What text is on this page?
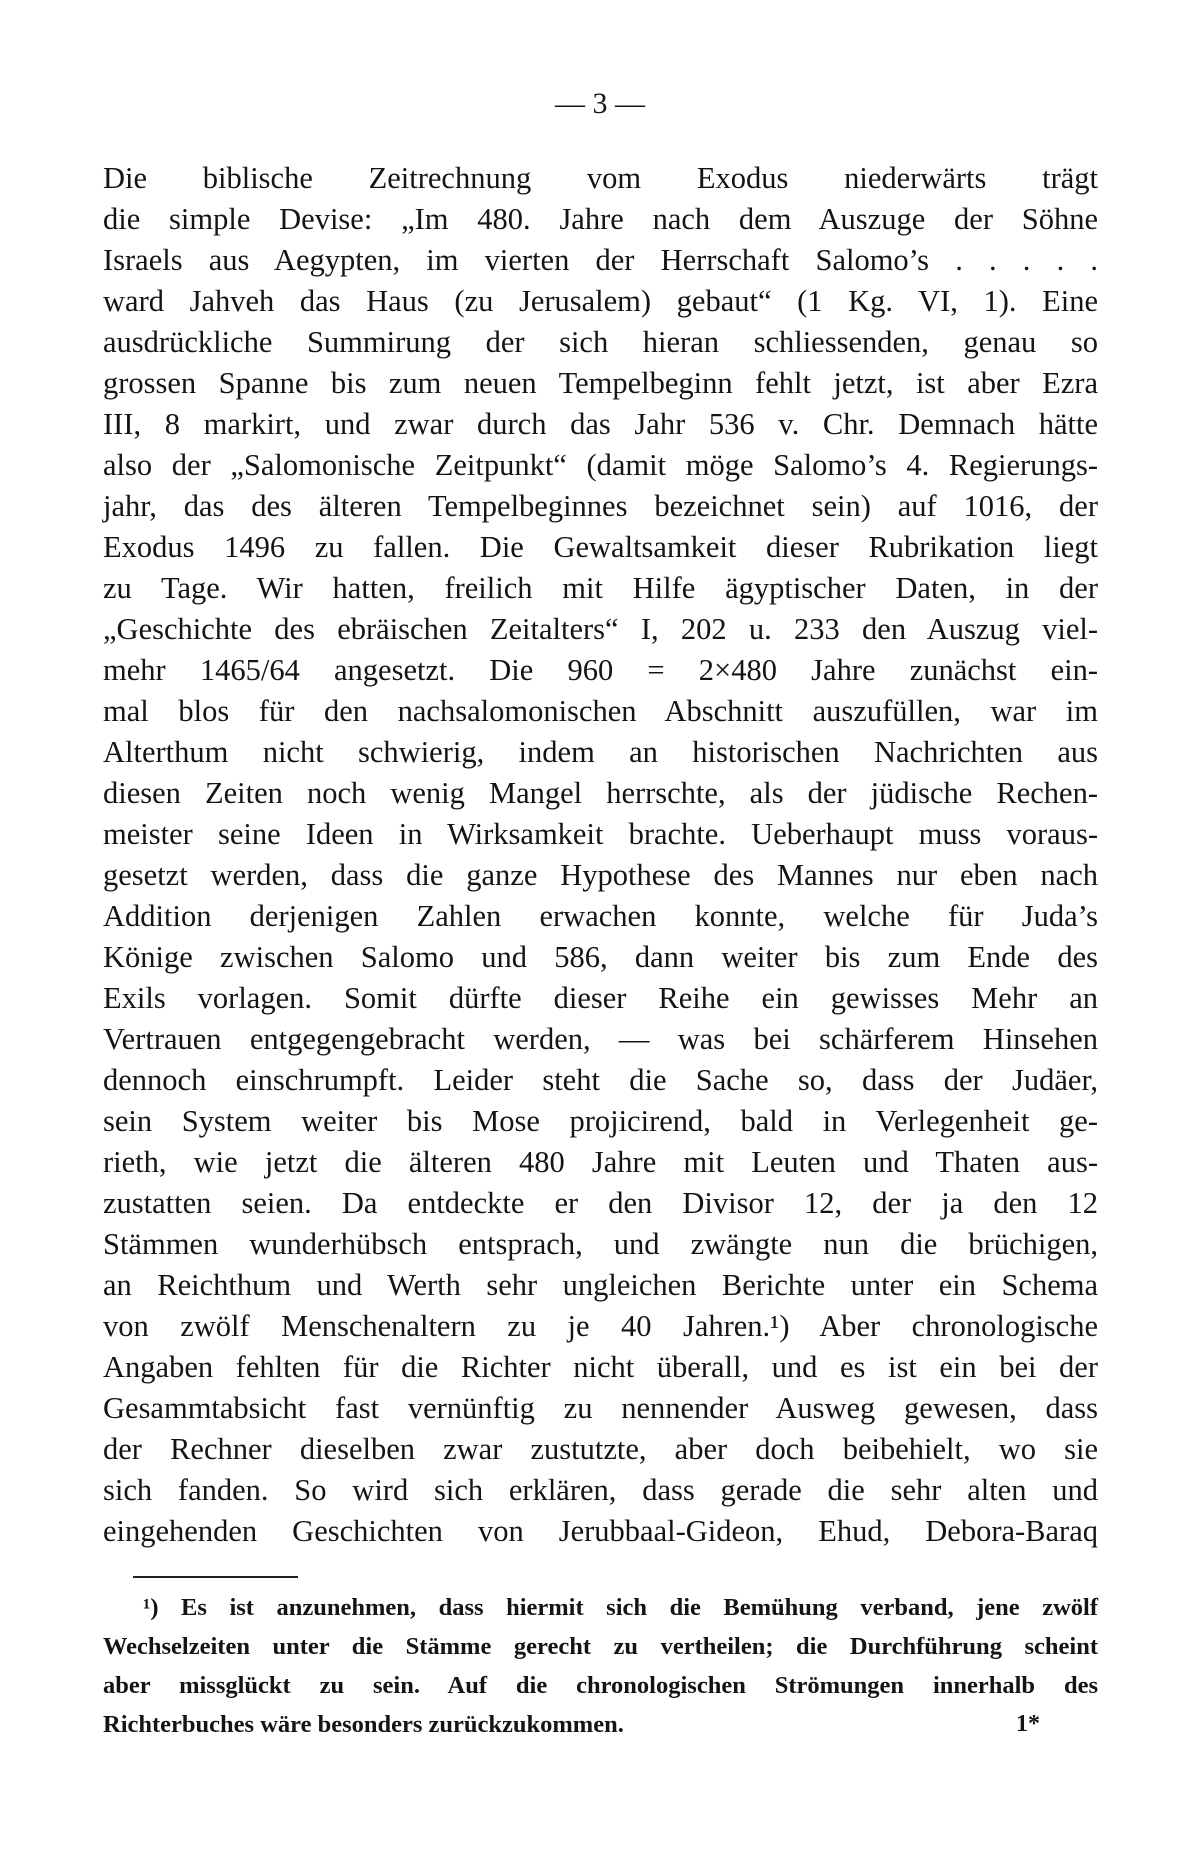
— 3 —
Die biblische Zeitrechnung vom Exodus niederwärts trägt
die simple Devise: „Im 480. Jahre nach dem Auszuge der Söhne
Israels aus Aegypten, im vierten der Herrschaft Salomo’s . . . . .
ward Jahveh das Haus (zu Jerusalem) gebaut“ (1 Kg. VI, 1). Eine
ausdrückliche Summirung der sich hieran schliessenden, genau so
grossen Spanne bis zum neuen Tempelbeginn fehlt jetzt, ist aber Ezra
III, 8 markirt, und zwar durch das Jahr 536 v. Chr. Demnach hätte
also der „Salomonische Zeitpunkt“ (damit möge Salomo’s 4. Regierungs-
jahr, das des älteren Tempelbeginnes bezeichnet sein) auf 1016, der
Exodus 1496 zu fallen. Die Gewaltsamkeit dieser Rubrikation liegt
zu Tage. Wir hatten, freilich mit Hilfe ägyptischer Daten, in der
„Geschichte des ebräischen Zeitalters“ I, 202 u. 233 den Auszug viel-
mehr 1465/64 angesetzt. Die 960 = 2×480 Jahre zunächst ein-
mal blos für den nachsalomonischen Abschnitt auszufüllen, war im
Alterthum nicht schwierig, indem an historischen Nachrichten aus
diesen Zeiten noch wenig Mangel herrschte, als der jüdische Rechen-
meister seine Ideen in Wirksamkeit brachte. Ueberhaupt muss voraus-
gesetzt werden, dass die ganze Hypothese des Mannes nur eben nach
Addition derjenigen Zahlen erwachen konnte, welche für Juda’s
Könige zwischen Salomo und 586, dann weiter bis zum Ende des
Exils vorlagen. Somit dürfte dieser Reihe ein gewisses Mehr an
Vertrauen entgegengebracht werden, — was bei schärferem Hinsehen
dennoch einschrumpft. Leider steht die Sache so, dass der Judäer,
sein System weiter bis Mose projicirend, bald in Verlegenheit ge-
rieth, wie jetzt die älteren 480 Jahre mit Leuten und Thaten aus-
zustatten seien. Da entdeckte er den Divisor 12, der ja den 12
Stämmen wunderhübsch entsprach, und zwängte nun die brüchigen,
an Reichthum und Werth sehr ungleichen Berichte unter ein Schema
von zwölf Menschenaltern zu je 40 Jahren.¹) Aber chronologische
Angaben fehlten für die Richter nicht überall, und es ist ein bei der
Gesammtabsicht fast vernünftig zu nennender Ausweg gewesen, dass
der Rechner dieselben zwar zustutzte, aber doch beibehielt, wo sie
sich fanden. So wird sich erklären, dass gerade die sehr alten und
eingehenden Geschichten von Jerubbaal-Gideon, Ehud, Debora-Baraq
¹) Es ist anzunehmen, dass hiermit sich die Bemühung verband, jene zwölf
Wechselzeiten unter die Stämme gerecht zu vertheilen; die Durchführung scheint
aber missglückt zu sein. Auf die chronologischen Strömungen innerhalb des
Richterbuches wäre besonders zurückzukommen.	1*
